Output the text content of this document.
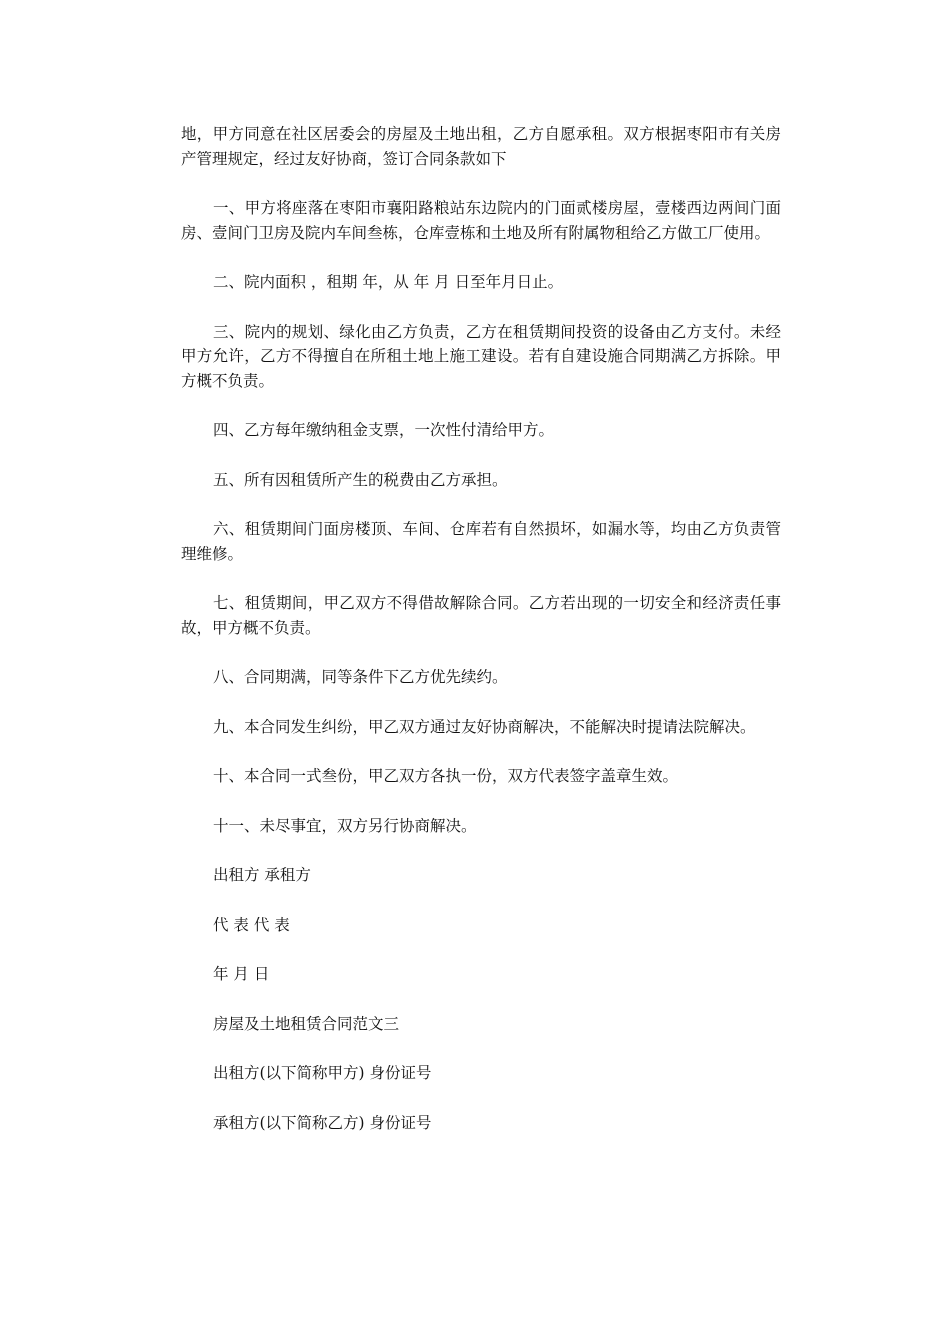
地，甲方同意在社区居委会的房屋及土地出租，乙方自愿承租。双方根据枣阳市有关房产管理规定，经过友好协商，签订合同条款如下

一、甲方将座落在枣阳市襄阳路粮站东边院内的门面贰楼房屋，壹楼西边两间门面房、壹间门卫房及院内车间叁栋，仓库壹栋和土地及所有附属物租给乙方做工厂使用。

二、院内面积 ，租期 年，从 年 月 日至年月日止。

三、院内的规划、绿化由乙方负责，乙方在租赁期间投资的设备由乙方支付。未经甲方允许，乙方不得擅自在所租土地上施工建设。若有自建设施合同期满乙方拆除。甲方概不负责。

四、乙方每年缴纳租金支票，一次性付清给甲方。

五、所有因租赁所产生的税费由乙方承担。

六、租赁期间门面房楼顶、车间、仓库若有自然损坏，如漏水等，均由乙方负责管理维修。

七、租赁期间，甲乙双方不得借故解除合同。乙方若出现的一切安全和经济责任事故，甲方概不负责。

八、合同期满，同等条件下乙方优先续约。

九、本合同发生纠纷，甲乙双方通过友好协商解决，不能解决时提请法院解决。

十、本合同一式叁份，甲乙双方各执一份，双方代表签字盖章生效。

十一、未尽事宜，双方另行协商解决。

出租方 承租方

代 表 代 表

年 月 日

房屋及土地租赁合同范文三

出租方(以下简称甲方) 身份证号

承租方(以下简称乙方) 身份证号
